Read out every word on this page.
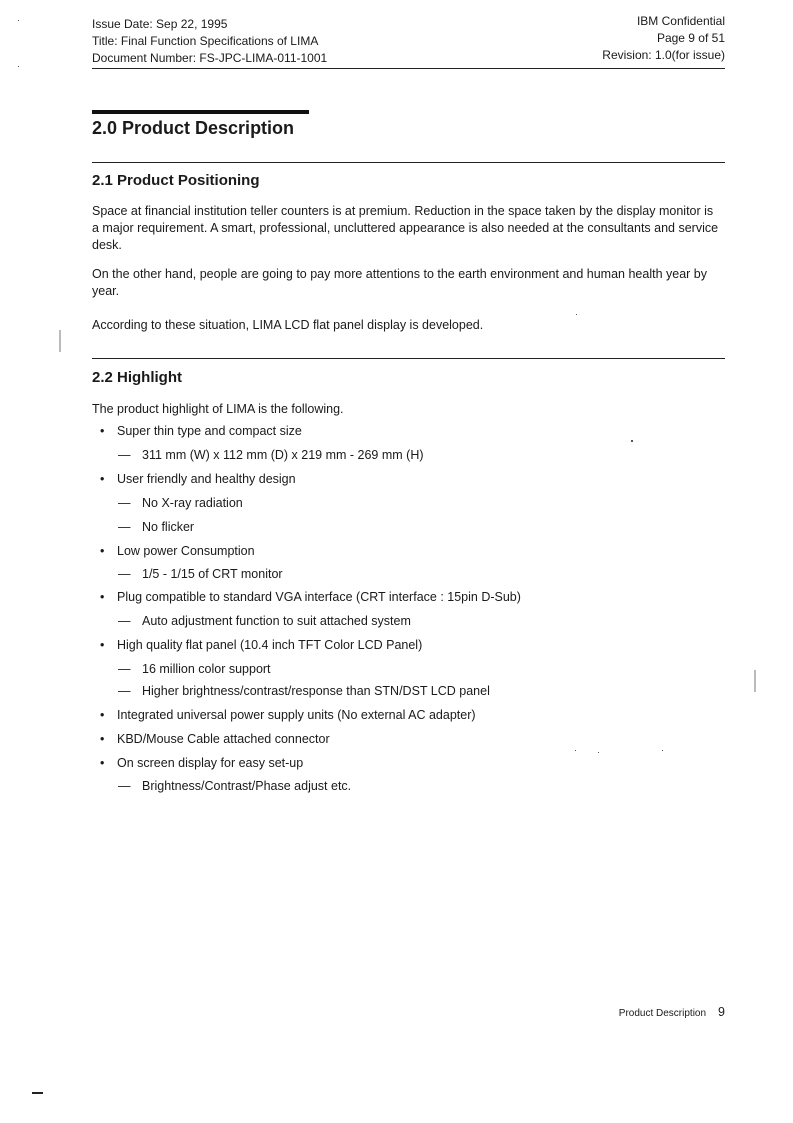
Issue Date: Sep 22, 1995
Title: Final Function Specifications of LIMA
Document Number: FS-JPC-LIMA-011-1001
IBM Confidential
Page 9 of 51
Revision: 1.0(for issue)
2.0 Product Description
2.1 Product Positioning

Space at financial institution teller counters is at premium. Reduction in the space taken by the display monitor is a major requirement. A smart, professional, uncluttered appearance is also needed at the consultants and service desk.

On the other hand, people are going to pay more attentions to the earth environment and human health year by year.

According to these situation, LIMA LCD flat panel display is developed.

2.2 Highlight

The product highlight of LIMA is the following.

• Super thin type and compact size
— 311 mm (W) x 112 mm (D) x 219 mm - 269 mm (H)
• User friendly and healthy design
— No X-ray radiation
— No flicker
• Low power Consumption
— 1/5 - 1/15 of CRT monitor
• Plug compatible to standard VGA interface (CRT interface : 15pin D-Sub)
— Auto adjustment function to suit attached system
• High quality flat panel (10.4 inch TFT Color LCD Panel)
— 16 million color support
— Higher brightness/contrast/response than STN/DST LCD panel
• Integrated universal power supply units (No external AC adapter)
• KBD/Mouse Cable attached connector
• On screen display for easy set-up
— Brightness/Contrast/Phase adjust etc.
Product Description 9
